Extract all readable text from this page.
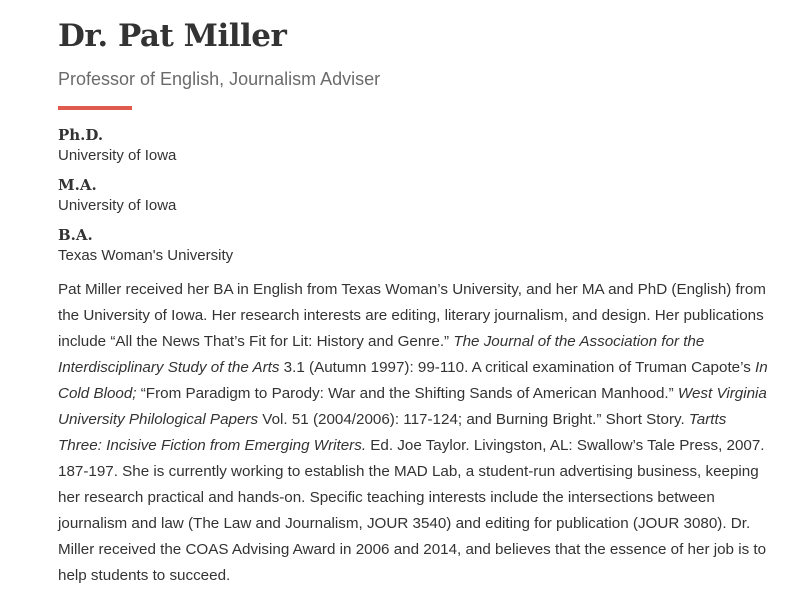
Dr. Pat Miller
Professor of English, Journalism Adviser
Ph.D.
University of Iowa
M.A.
University of Iowa
B.A.
Texas Woman's University

Pat Miller received her BA in English from Texas Woman’s University, and her MA and PhD (English) from the University of Iowa. Her research interests are editing, literary journalism, and design. Her publications include “All the News That’s Fit for Lit: History and Genre.” The Journal of the Association for the Interdisciplinary Study of the Arts 3.1 (Autumn 1997): 99-110. A critical examination of Truman Capote’s In Cold Blood; “From Paradigm to Parody: War and the Shifting Sands of American Manhood.” West Virginia University Philological Papers Vol. 51 (2004/2006): 117-124; and Burning Bright.” Short Story. Tartts Three: Incisive Fiction from Emerging Writers. Ed. Joe Taylor. Livingston, AL: Swallow’s Tale Press, 2007. 187-197. She is currently working to establish the MAD Lab, a student-run advertising business, keeping her research practical and hands-on. Specific teaching interests include the intersections between journalism and law (The Law and Journalism, JOUR 3540) and editing for publication (JOUR 3080). Dr. Miller received the COAS Advising Award in 2006 and 2014, and believes that the essence of her job is to help students to succeed.
